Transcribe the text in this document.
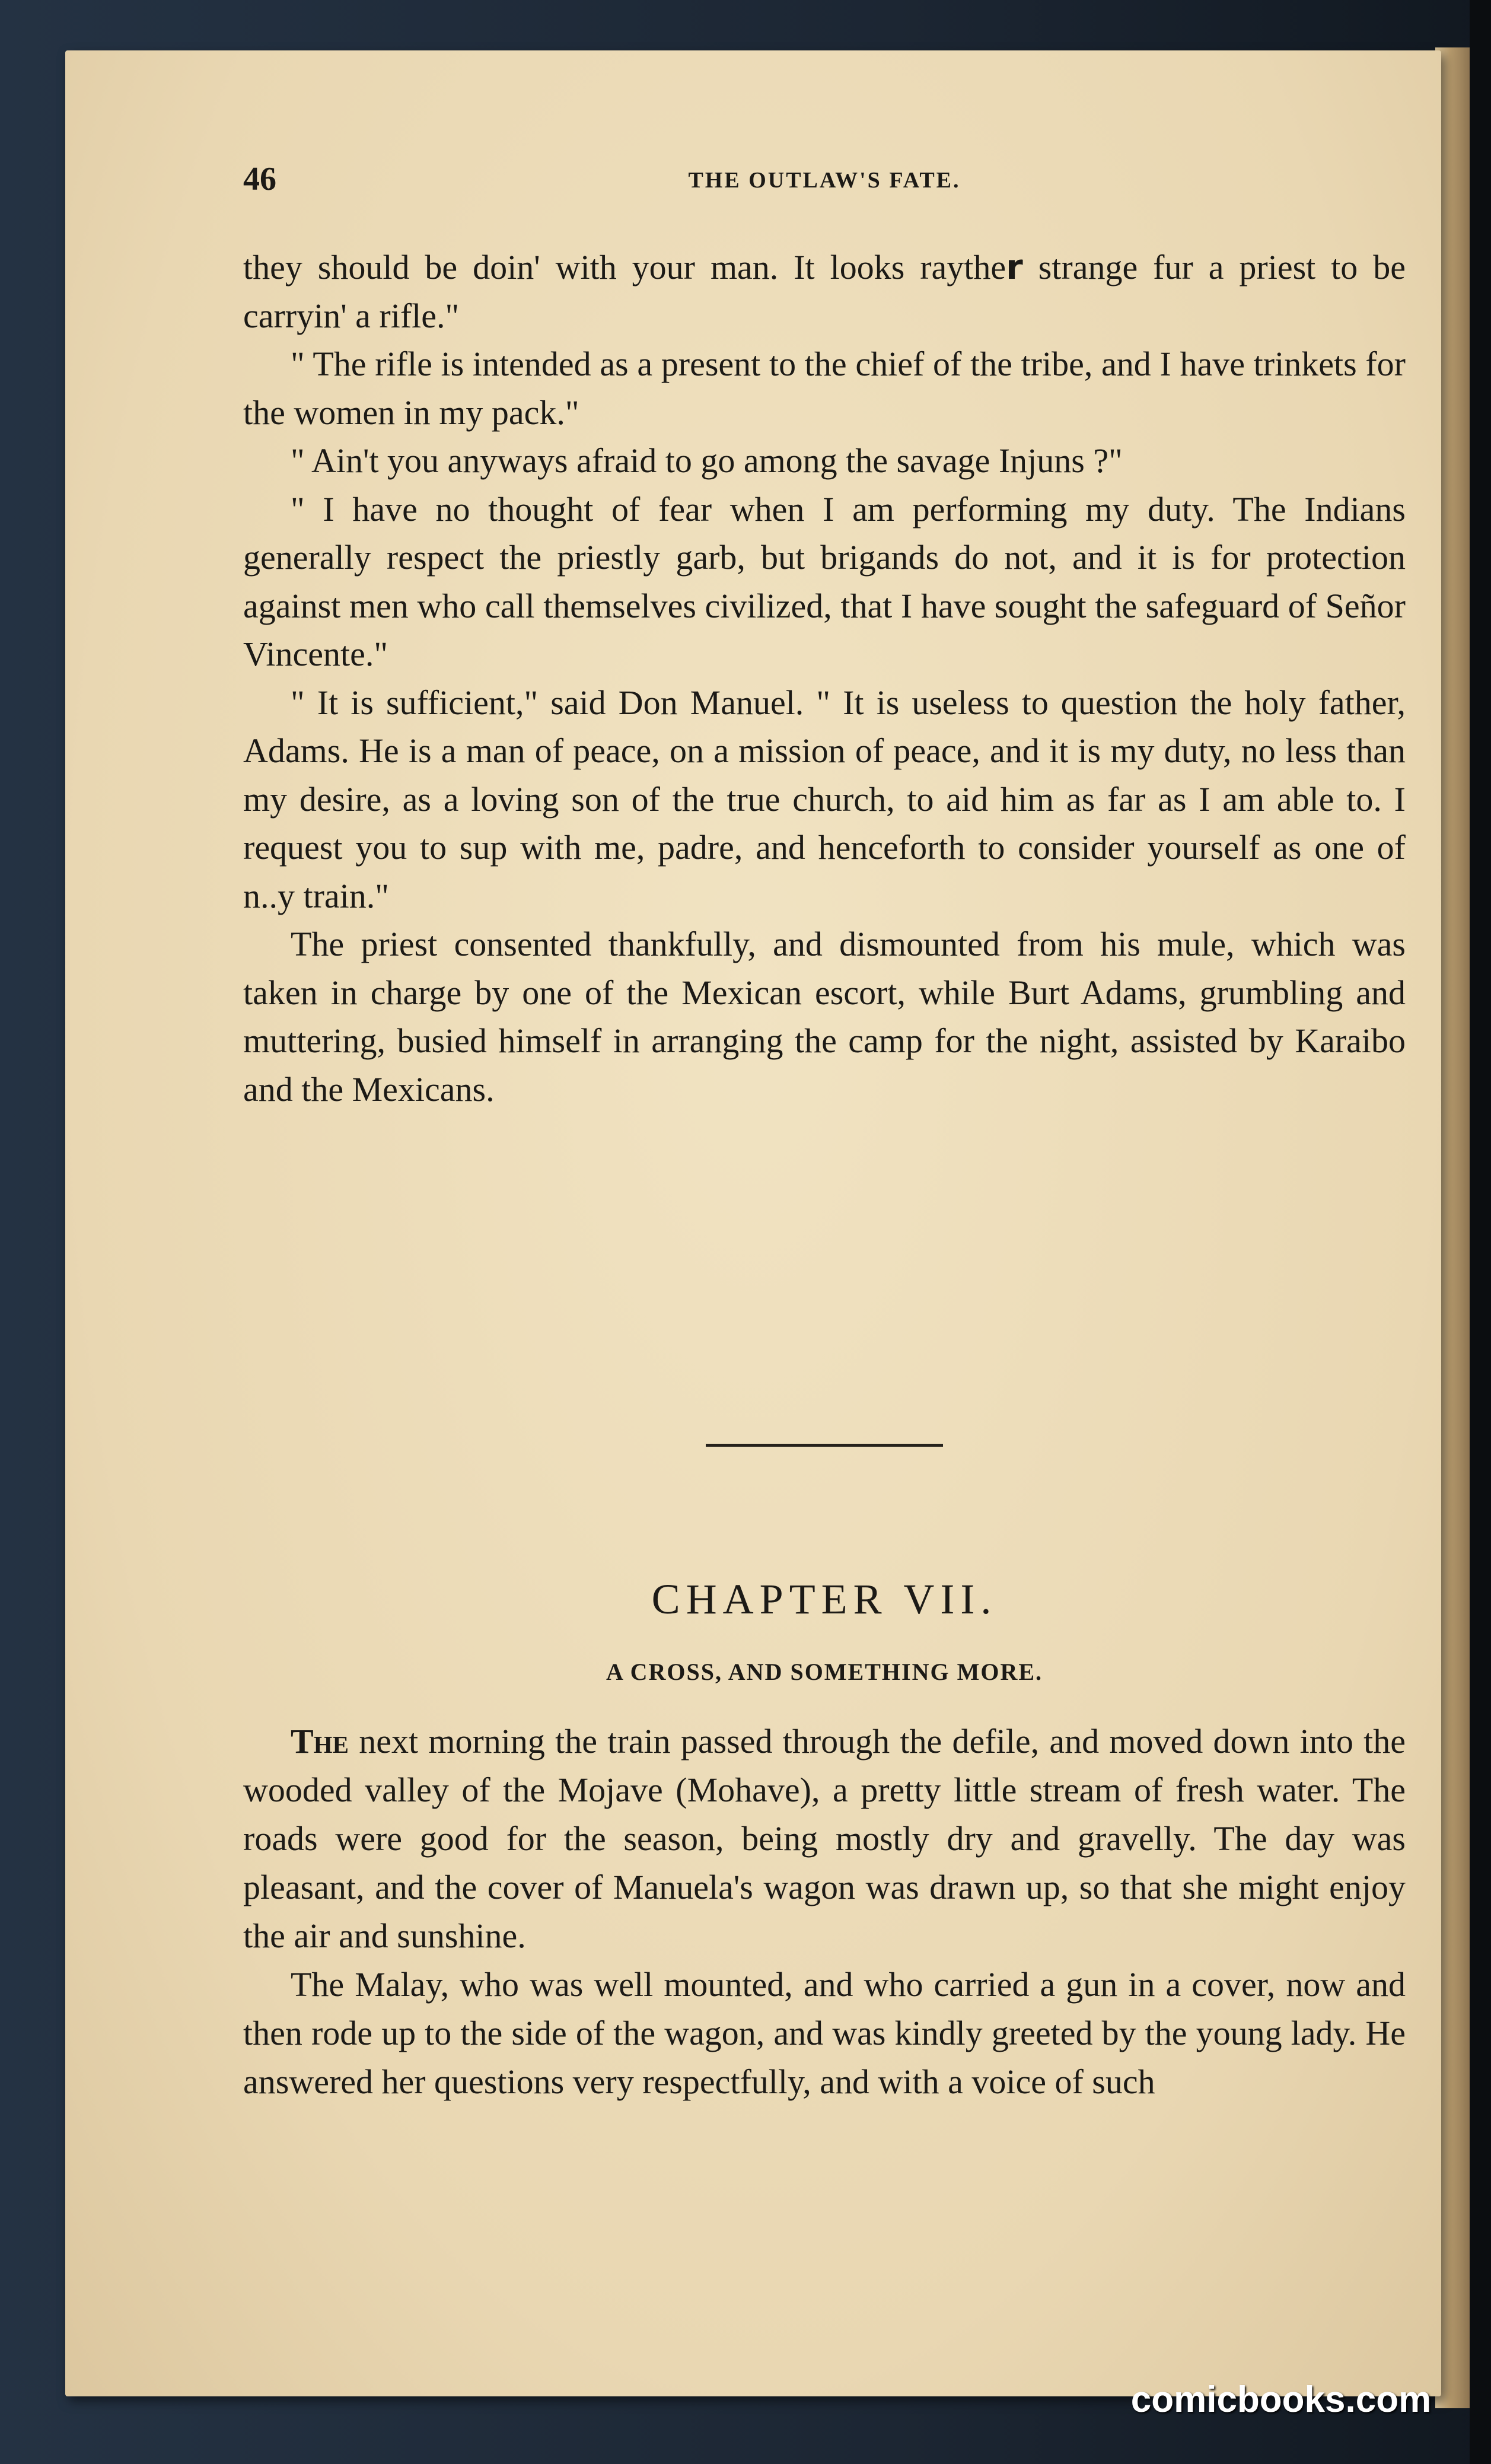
46	THE OUTLAW'S FATE.

they should be doin' with your man. It looks raythe𝗿 strange fur a priest to be carryin' a rifle."

" The rifle is intended as a present to the chief of the tribe, and I have trinkets for the women in my pack."

" Ain't you anyways afraid to go among the savage Injuns ?"

" I have no thought of fear when I am performing my duty. The Indians generally respect the priestly garb, but brigands do not, and it is for protection against men who call themselves civilized, that I have sought the safeguard of Señor Vincente."

" It is sufficient," said Don Manuel. " It is useless to question the holy father, Adams. He is a man of peace, on a mission of peace, and it is my duty, no less than my desire, as a loving son of the true church, to aid him as far as I am able to. I request you to sup with me, padre, and henceforth to consider yourself as one of n..y train."

The priest consented thankfully, and dismounted from his mule, which was taken in charge by one of the Mexican escort, while Burt Adams, grumbling and muttering, busied himself in arranging the camp for the night, assisted by Karaibo and the Mexicans.

CHAPTER VII.
A CROSS, AND SOMETHING MORE.

The next morning the train passed through the defile, and moved down into the wooded valley of the Mojave (Mohave), a pretty little stream of fresh water. The roads were good for the season, being mostly dry and gravelly. The day was pleasant, and the cover of Manuela's wagon was drawn up, so that she might enjoy the air and sunshine.

The Malay, who was well mounted, and who carried a gun in a cover, now and then rode up to the side of the wagon, and was kindly greeted by the young lady. He answered her questions very respectfully, and with a voice of such

comicbooks.com
